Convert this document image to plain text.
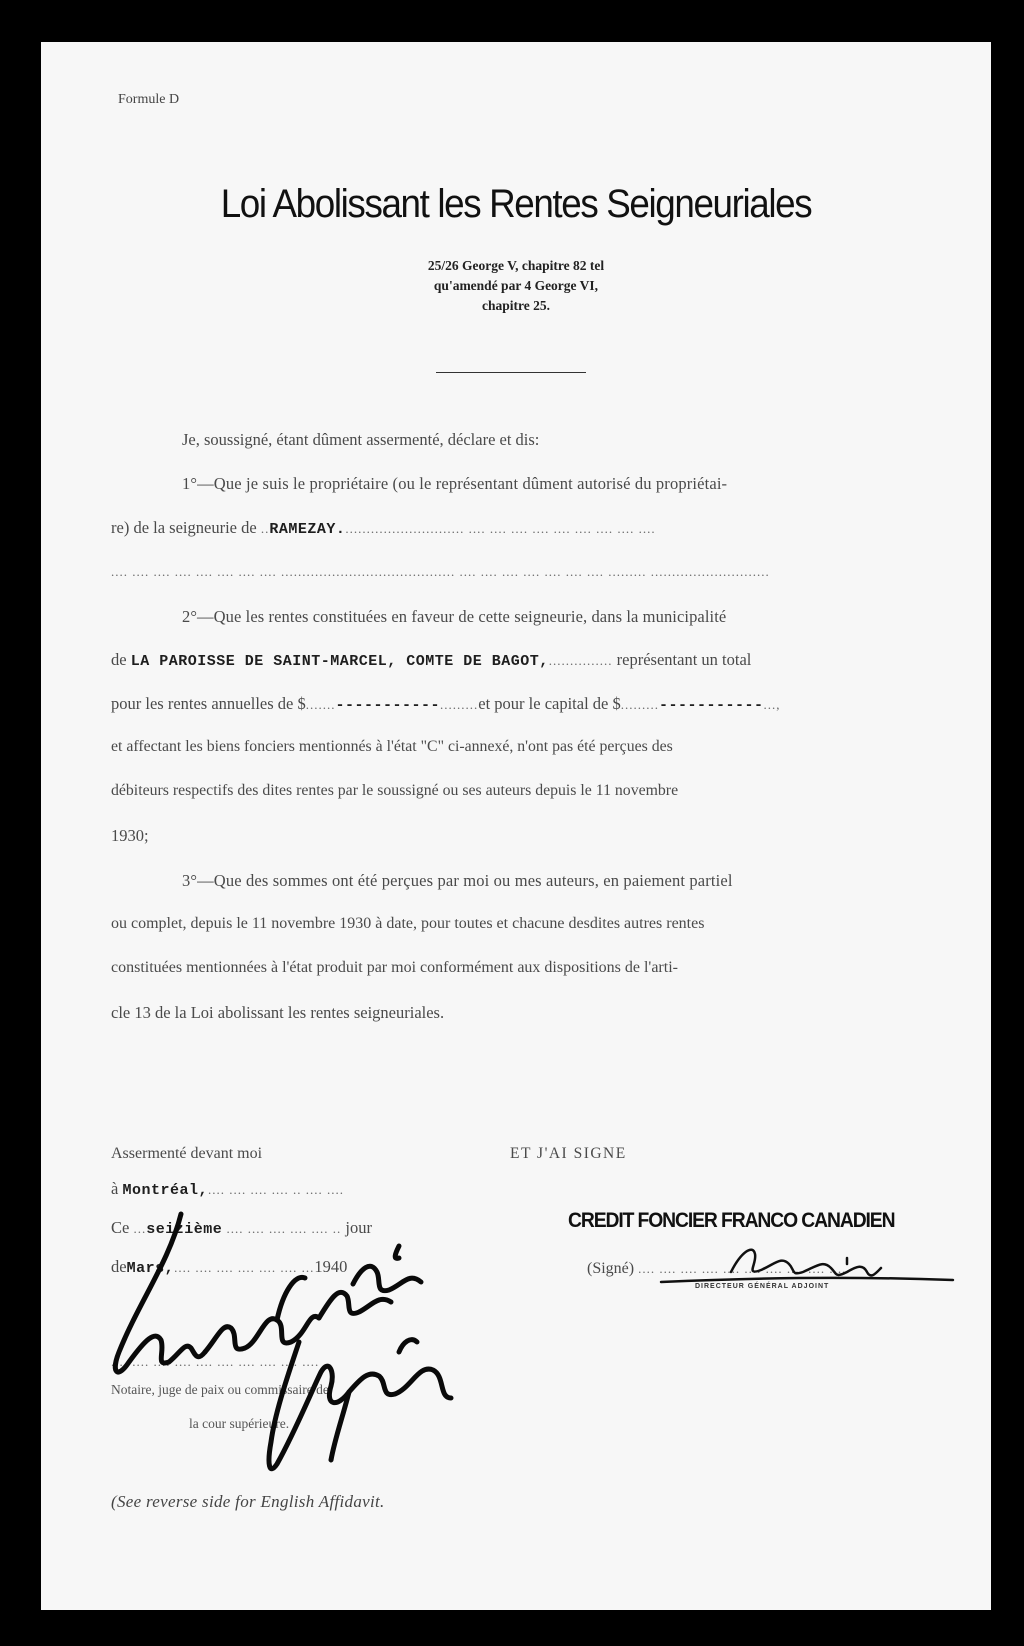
Formule D
Loi Abolissant les Rentes Seigneuriales
25/26 George V, chapitre 82 tel
qu'amendé par 4 George VI,
chapitre 25.
Je, soussigné, étant dûment assermenté, déclare et dis:
1°—Que je suis le propriétaire (ou le représentant dûment autorisé du propriétai-
re) de la seigneurie de ..RAMEZAY............................. .... .... .... .... .... .... .... .... ....
.... .... .... .... .... .... .... .... ......................................... .... .... .... .... .... .... .... ......... ............................
2°—Que les rentes constituées en faveur de cette seigneurie, dans la municipalité
de LA PAROISSE DE SAINT-MARCEL, COMTE DE BAGOT,............... représentant un total
pour les rentes annuelles de $.......-----------.........et pour le capital de $.........-----------...,
et affectant les biens fonciers mentionnés à l'état "C" ci-annexé, n'ont pas été perçues des
débiteurs respectifs des dites rentes par le soussigné ou ses auteurs depuis le 11 novembre
1930;
3°—Que des sommes ont été perçues par moi ou mes auteurs, en paiement partiel
ou complet, depuis le 11 novembre 1930 à date, pour toutes et chacune desdites autres rentes
constituées mentionnées à l'état produit par moi conformément aux dispositions de l'arti-
cle 13 de la Loi abolissant les rentes seigneuriales.
Assermenté devant moi
à Montréal,.... .... .... .... .. .... ....
Ce ...seizième .... .... .... .... .... .. jour
deMars,.... .... .... .... .... .... ...1940
.... .... .... .... .... .... .... .... .... ....
Notaire, juge de paix ou commissaire de
la cour supérieure.
ET J'AI SIGNE
CREDIT FONCIER FRANCO CANADIEN
(Signé) .... .... .... .... .... .... .... .... .... ....
DIRECTEUR GÉNÉRAL ADJOINT
(See reverse side for English Affidavit.
